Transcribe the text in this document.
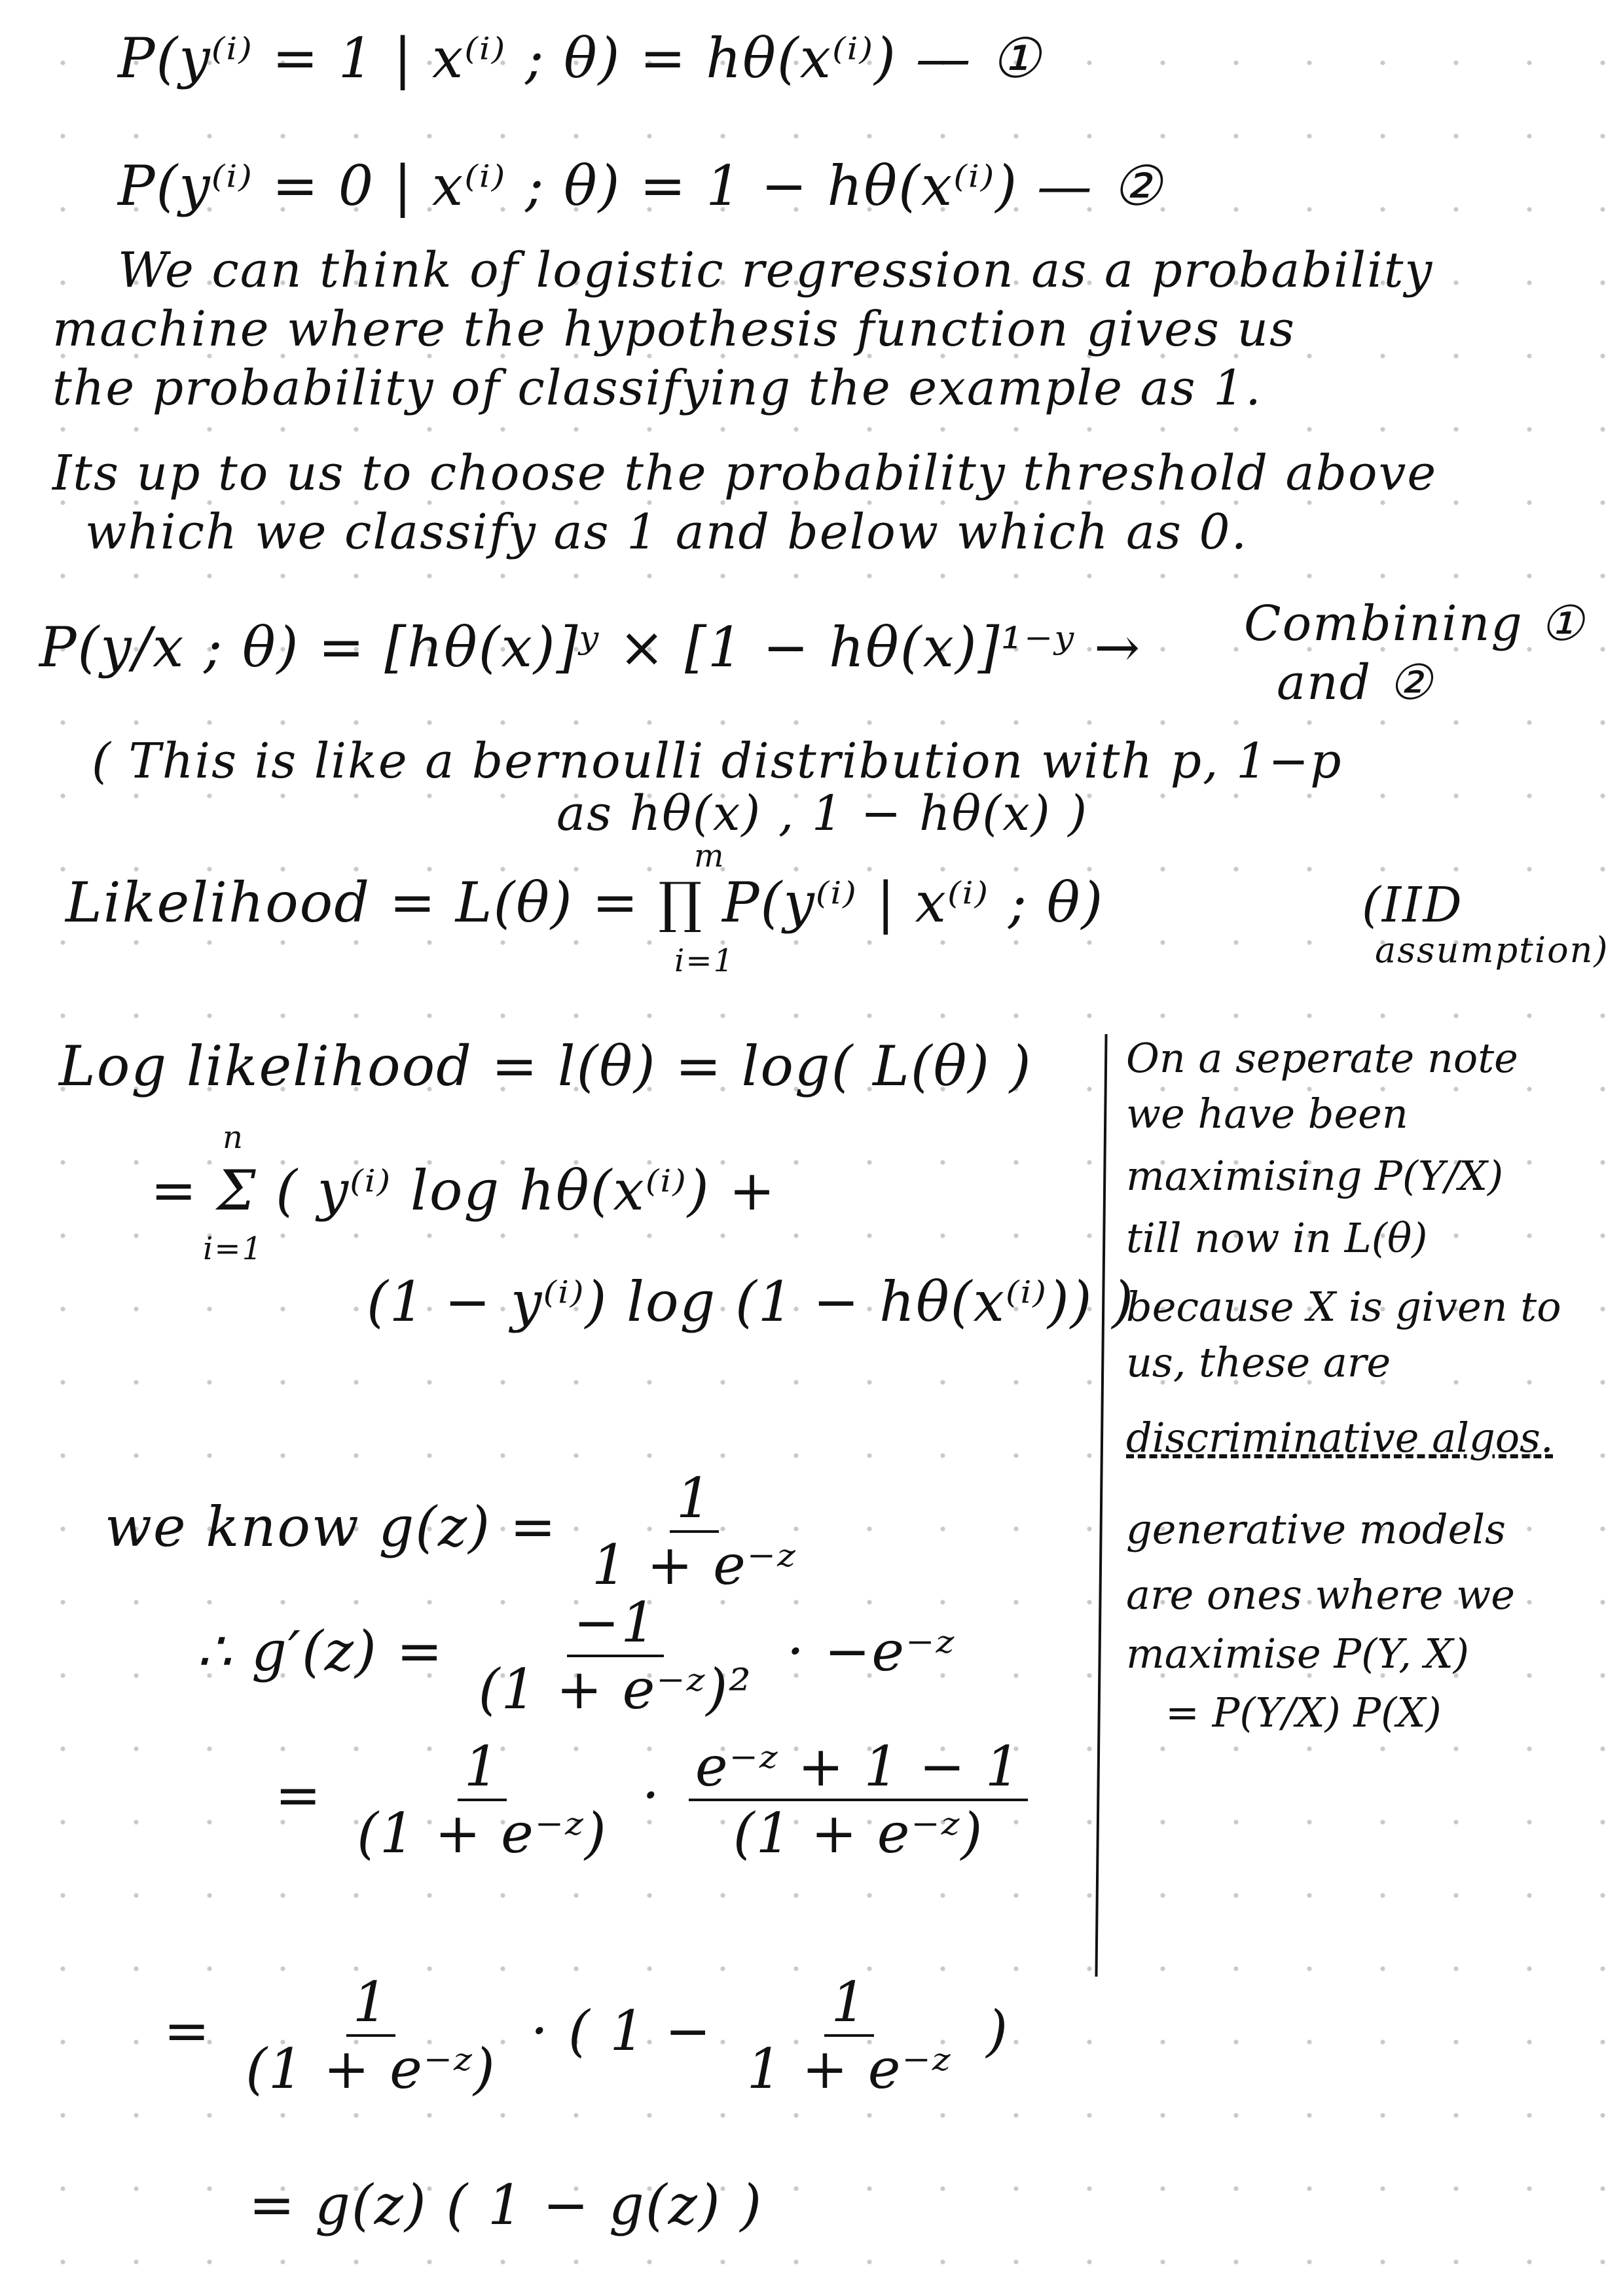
P(y⁽ⁱ⁾ = 1 | x⁽ⁱ⁾ ; θ) = hθ(x⁽ⁱ⁾) — ①
P(y⁽ⁱ⁾ = 0 | x⁽ⁱ⁾ ; θ) = 1 − hθ(x⁽ⁱ⁾) — ②
We can think of logistic regression as a probability
machine where the hypothesis function gives us
the probability of classifying the example as 1.
Its up to us to choose the probability threshold above
which we classify as 1 and below which as 0.
P(y/x ; θ) = [hθ(x)]ʸ × [1 − hθ(x)]¹⁻ʸ → Combining ①
and ②
( This is like a bernoulli distribution with p, 1−p
as hθ(x) , 1 − hθ(x) )
Likelihood = L(θ) = ∏ P(y⁽ⁱ⁾ | x⁽ⁱ⁾ ; θ)
m
i=1
(IID
assumption)
Log likelihood = l(θ) = log( L(θ) )
n
= Σ ( y⁽ⁱ⁾ log hθ(x⁽ⁱ⁾) +
i=1
(1 − y⁽ⁱ⁾) log (1 − hθ(x⁽ⁱ⁾)) )
we know $g(z) = \frac{1}{\text{1 + e⁻ᶻ}}$
∴ $g'(z) = \frac{-1}{\text{(1 + e⁻ᶻ)²}}$ · −e⁻ᶻ
= $\frac{1}{\text{(1 + e⁻ᶻ)}} \cdot \frac{\text{e⁻ᶻ + 1 − 1}}{\text{(1 + e⁻ᶻ)}}$
= $\frac{1}{\text{(1 + e⁻ᶻ)}}$ · ( $1 - \frac{1}{\text{1 + e⁻ᶻ}}$ )
= g(z) ( 1 − g(z) )
On a seperate note
we have been
maximising P(Y/X)
till now in L(θ)
because X is given to
us, these are
discriminative algos.
generative models
are ones where we
maximise P(Y, X)
= P(Y/X) P(X)
